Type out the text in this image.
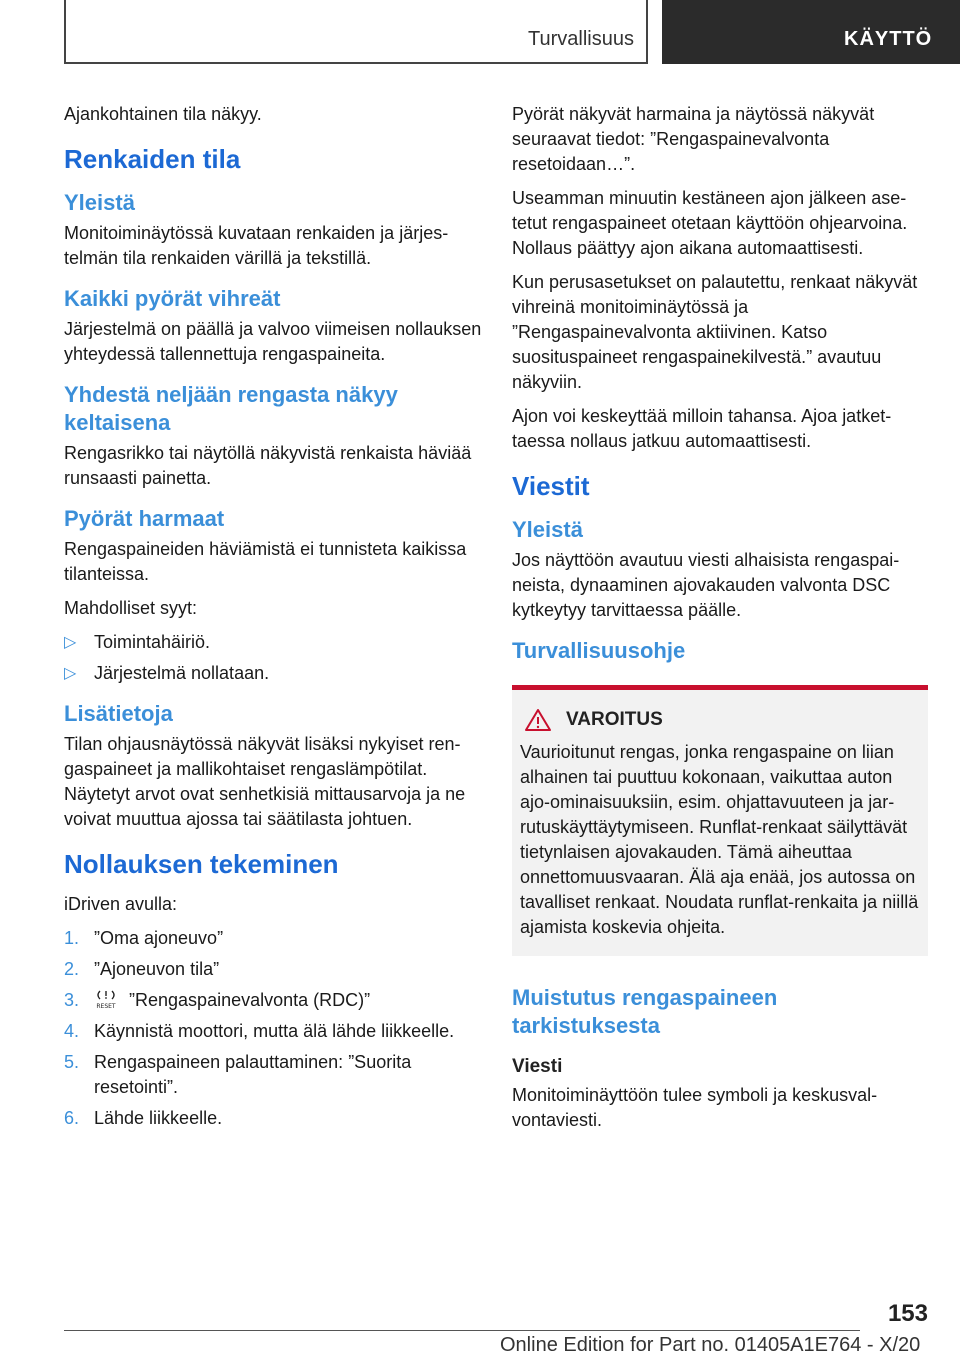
Turvallisuus	KÄYTTÖ

Ajankohtainen tila näkyy.

Renkaiden tila
Yleistä

Monitoiminäytössä kuvataan renkaiden ja järjestelmän tila renkaiden värillä ja tekstillä.

Kaikki pyörät vihreät

Järjestelmä on päällä ja valvoo viimeisen nollauksen yhteydessä tallennettuja rengaspaineita.

Yhdestä neljään rengasta näkyy keltaisena

Rengasrikko tai näytöllä näkyvistä renkaista häviää runsaasti painetta.

Pyörät harmaat

Rengaspaineiden häviämistä ei tunnisteta kaikissa tilanteissa.

Mahdolliset syyt:

▷ Toimintahäiriö.
▷ Järjestelmä nollataan.
Lisätietoja

Tilan ohjausnäytössä näkyvät lisäksi nykyiset rengaspaineet ja mallikohtaiset rengaslämpötilat. Näytetyt arvot ovat senhetkisiä mittausarvoja ja ne voivat muuttua ajossa tai säätilasta johtuen.

Nollauksen tekeminen

iDriven avulla:

1. ”Oma ajoneuvo”
2. ”Ajoneuvon tila”
3.	RESET ”Rengaspainevalvonta (RDC)”
4. Käynnistä moottori, mutta älä lähde liikkeelle.
5. Rengaspaineen palauttaminen: ”Suorita resetointi”.
6. Lähde liikkeelle.

Pyörät näkyvät harmaina ja näytössä näkyvät seuraavat tiedot: ”Rengaspainevalvonta resetoidaan…”.

Useamman minuutin kestäneen ajon jälkeen asetetut rengaspaineet otetaan käyttöön ohjearvoina. Nollaus päättyy ajon aikana automaattisesti.

Kun perusasetukset on palautettu, renkaat näkyvät vihreinä monitoiminäytössä ja ”Rengaspainevalvonta aktiivinen. Katso suosituspaineet rengaspainekilvestä.” avautuu näkyviin.

Ajon voi keskeyttää milloin tahansa. Ajoa jatkettaessa nollaus jatkuu automaattisesti.

Viestit
Yleistä

Jos näyttöön avautuu viesti alhaisista rengaspaineista, dynaaminen ajovakauden valvonta DSC kytkeytyy tarvittaessa päälle.

Turvallisuusohje
VAROITUS

Vaurioitunut rengas, jonka rengaspaine on liian alhainen tai puuttuu kokonaan, vaikuttaa auton ajo-ominaisuuksiin, esim. ohjattavuuteen ja jarrutuskäyttäytymiseen. Runflat-renkaat säilyttävät tietynlaisen ajovakauden. Tämä aiheuttaa onnettomuusvaaran. Älä aja enää, jos autossa on tavalliset renkaat. Noudata runflat-renkaita ja niillä ajamista koskevia ohjeita.

Muistutus rengaspaineen tarkistuksesta
Viesti

Monitoiminäyttöön tulee symboli ja keskusvalvontaviesti.

153
Online Edition for Part no. 01405A1E764 - X/20
